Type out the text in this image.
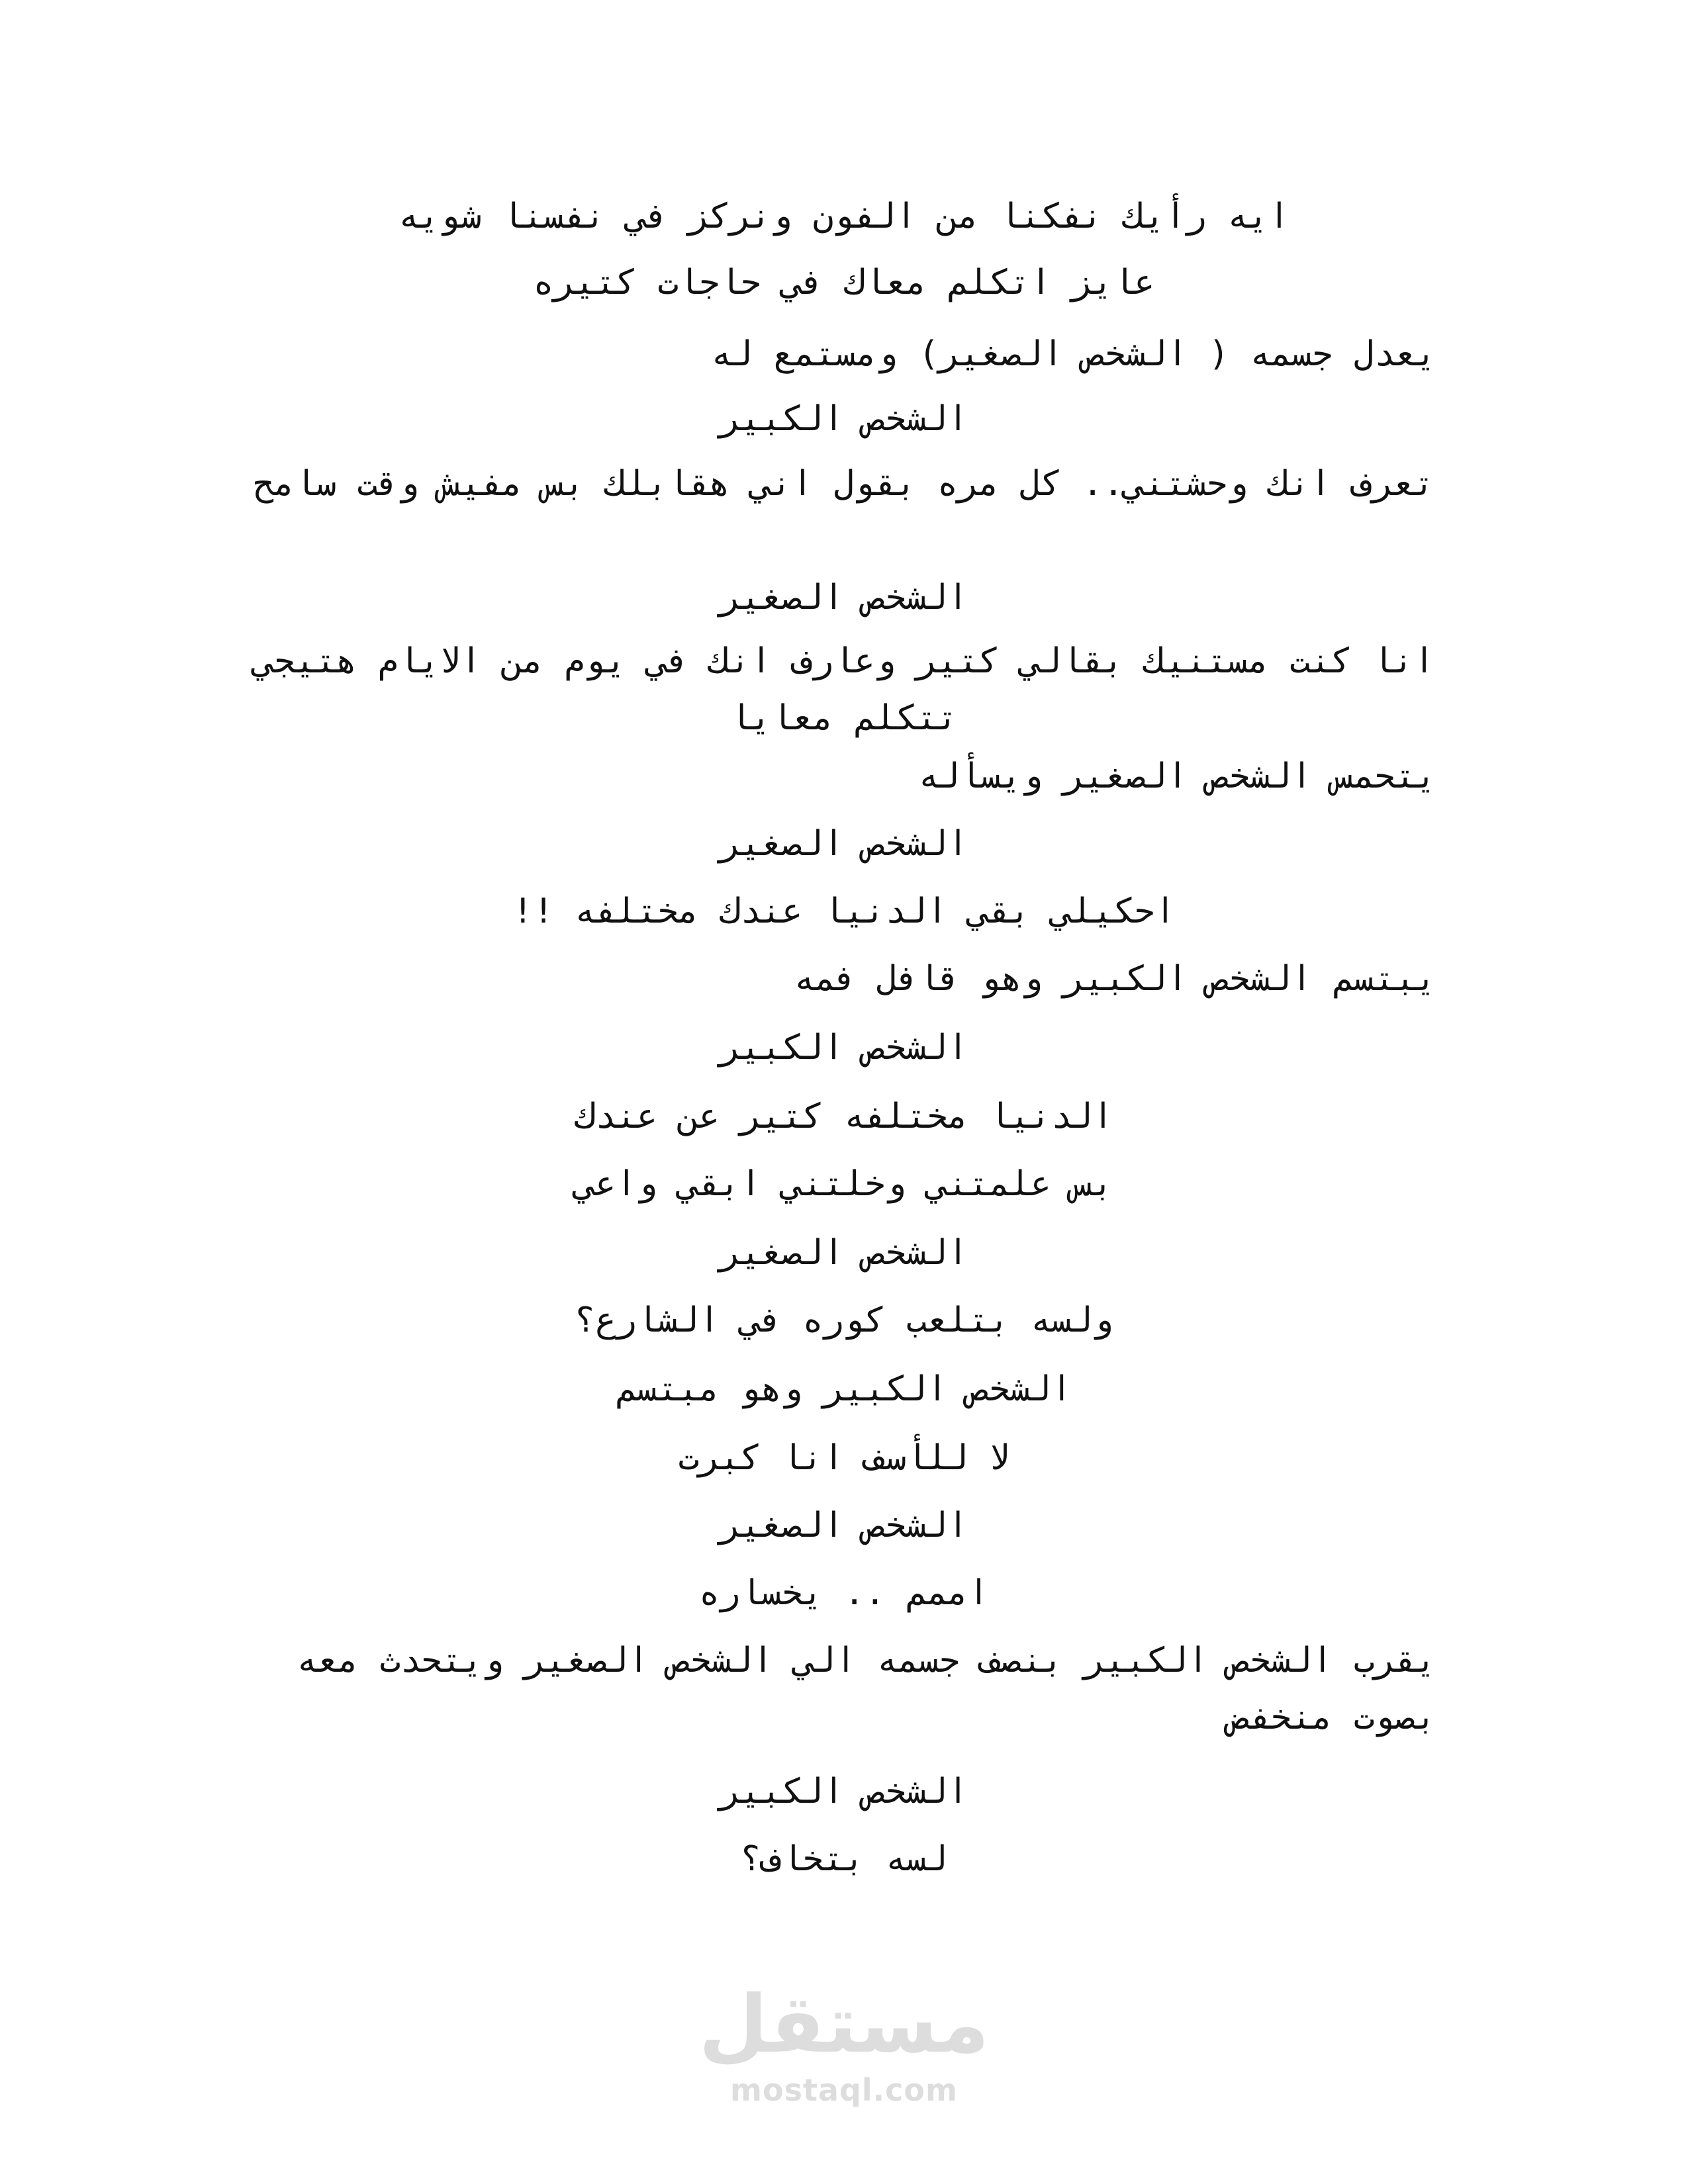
ايه رأيك نفكنا من الفون ونركز في نفسنا شويه
عايز اتكلم معاك في حاجات كتيره
يعدل جسمه ( الشخص الصغير) ومستمع له
الشخص الكبير
تعرف انك وحشتني.. كل مره بقول اني هقابلك بس مفيش وقت سامح
الشخص الصغير
انا كنت مستنيك بقالي كتير وعارف انك في يوم من الايام هتيجي تتكلم معايا
يتحمس الشخص الصغير ويسأله
الشخص الصغير
احكيلي بقي الدنيا عندك مختلفه !!
يبتسم الشخص الكبير وهو قافل فمه
الشخص الكبير
الدنيا مختلفه كتير عن عندك
بس علمتني وخلتني ابقي واعي
الشخص الصغير
ولسه بتلعب كوره في الشارع؟
الشخص الكبير وهو مبتسم
لا للأسف انا كبرت
الشخص الصغير
اممم .. يخساره
يقرب الشخص الكبير بنصف جسمه الي الشخص الصغير ويتحدث معه بصوت منخفض
الشخص الكبير
لسه بتخاف؟
مستقل
mostaql.com
